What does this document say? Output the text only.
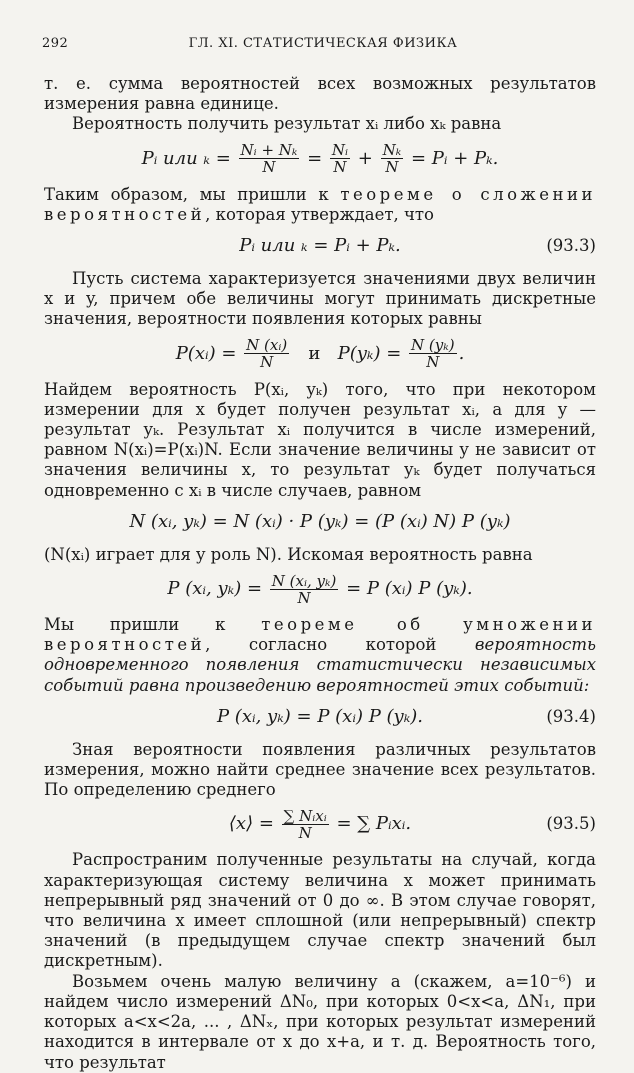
292	ГЛ. XI. СТАТИСТИЧЕСКАЯ ФИЗИКА

т. е. сумма вероятностей всех возможных результатов измерения равна единице.

Вероятность получить результат xᵢ либо xₖ равна

Pᵢ или $_k = \frac{\text{Nᵢ + Nₖ}}{N} = \frac{\text{Nᵢ}}{N} + \frac{\text{Nₖ}}{N}$ = Pᵢ + Pₖ.

Таким образом, мы пришли к теореме о сложении вероятностей, которая утверждает, что

Pᵢ или ₖ = Pᵢ + Pₖ.	(93.3)

Пусть система характеризуется значениями двух величин x и y, причем обе величины могут принимать дискретные значения, вероятности появления которых равны

P(xᵢ) = $\frac{\text{N (xᵢ)}}{N}$ и $P(y_k) = \frac{\text{N (yₖ)}}{N}$ .

Найдем вероятность P(xᵢ, yₖ) того, что при некотором измерении для x будет получен результат xᵢ, а для y — результат yₖ. Результат xᵢ получится в числе измерений, равном N(xᵢ)=P(xᵢ)N. Если значение величины y не зависит от значения величины x, то результат yₖ будет получаться одновременно с xᵢ в числе случаев, равном

N (xᵢ, yₖ) = N (xᵢ) · P (yₖ) = (P (xᵢ) N) P (yₖ)

(N(xᵢ) играет для y роль N). Искомая вероятность равна

P (xᵢ, $y_k) = \frac{\text{N (xᵢ, yₖ)}}{N} = P$ (xᵢ) P (yₖ).

Мы пришли к теореме об умножении вероятностей, согласно которой вероятность одновременного появления статистически независимых событий равна произведению вероятностей этих событий:

P (xᵢ, yₖ) = P (xᵢ) P (yₖ).	(93.4)

Зная вероятности появления различных результатов измерения, можно найти среднее значение всех результатов. По определению среднего

⟨x⟩ = $\frac{\text{∑ Nᵢxᵢ}}{N}$ = ∑ Pᵢxᵢ.	(93.5)

Распространим полученные результаты на случай, когда характеризующая систему величина x может принимать непрерывный ряд значений от 0 до ∞. В этом случае говорят, что величина x имеет сплошной (или непрерывный) спектр значений (в предыдущем случае спектр значений был дискретным).

Возьмем очень малую величину a (скажем, a=10⁻⁶) и найдем число измерений ΔN₀, при которых 0<x<a, ΔN₁, при которых a<x<2a, ... , ΔNₓ, при которых результат измерений находится в интервале от x до x+a, и т. д. Вероятность того, что результат
